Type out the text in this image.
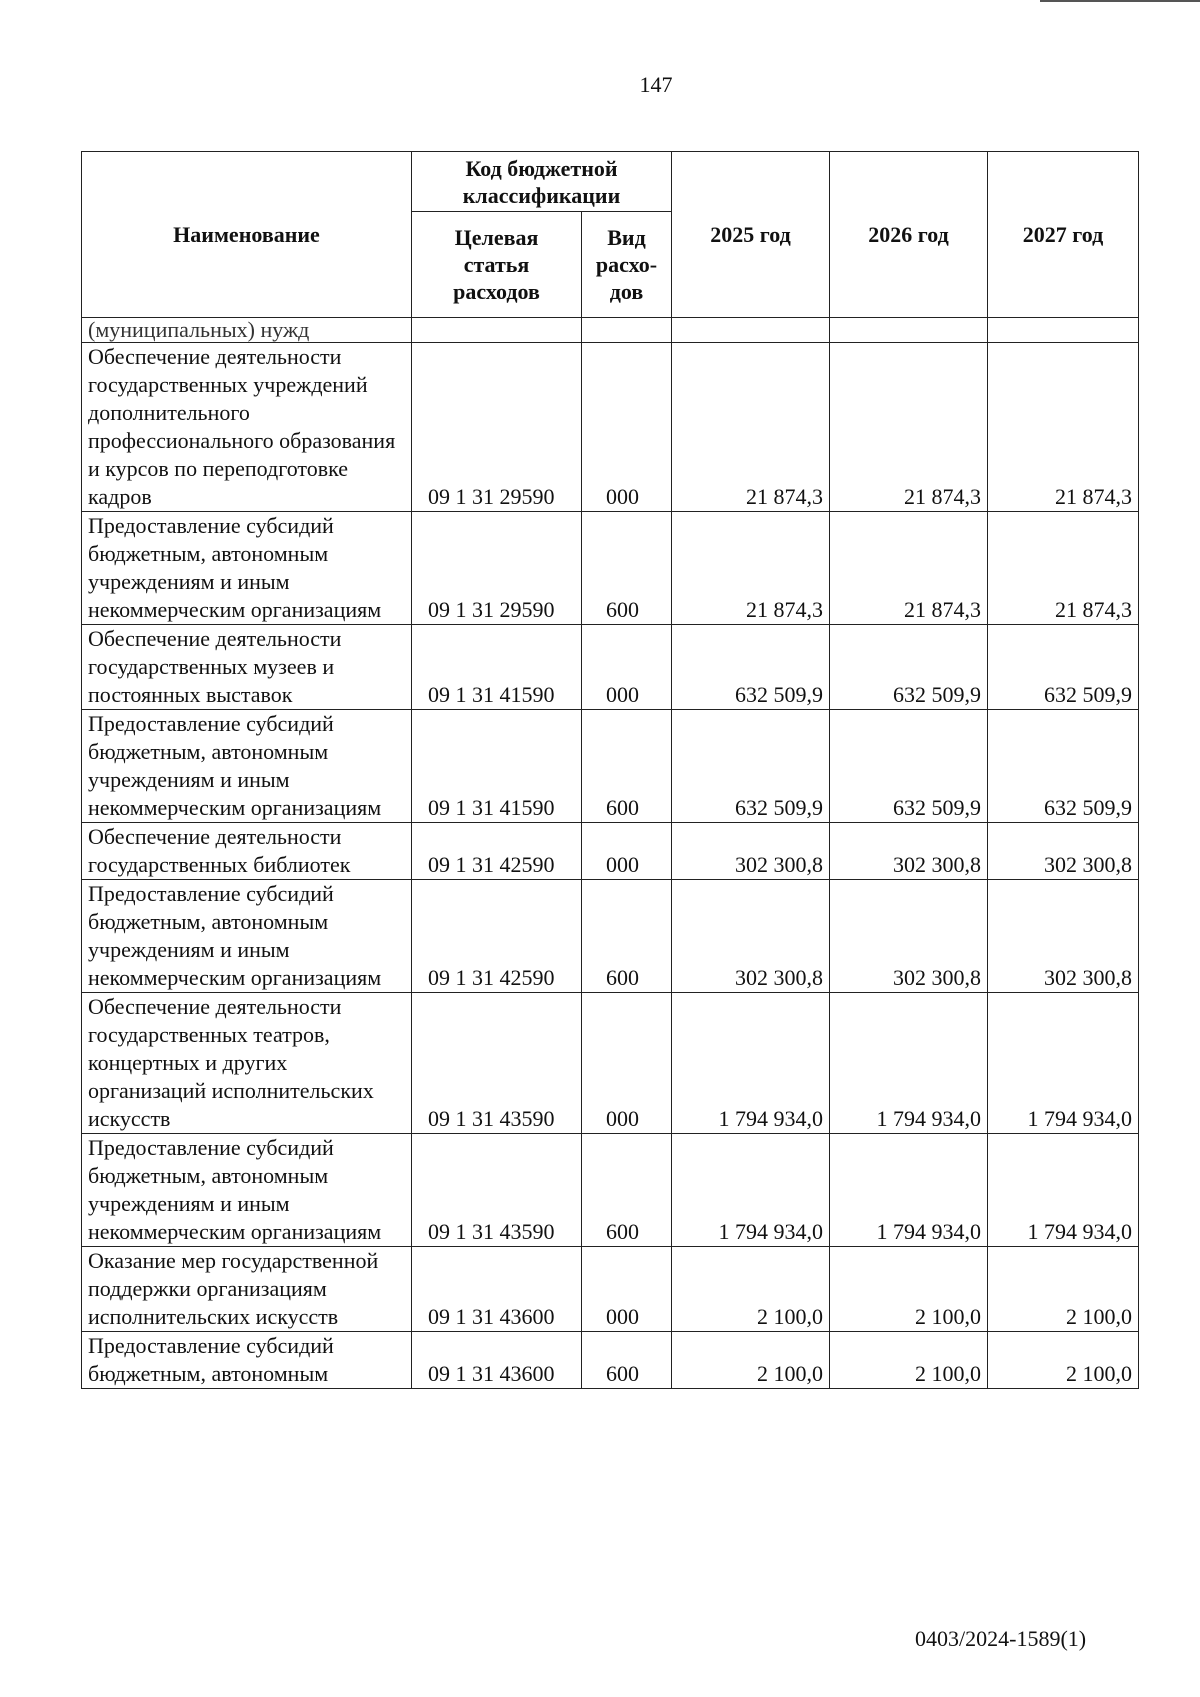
147
Наименование	Код бюджетной классификации		2025 год	2026 год	2027 год
	Целевая статья расходов	Вид расхо-дов			
(муниципальных) нужд					
Обеспечение деятельности государственных учреждений дополнительного профессионального образования и курсов по переподготовке кадров	09 1 31 29590	000	21 874,3	21 874,3	21 874,3
Предоставление субсидий бюджетным, автономным учреждениям и иным некоммерческим организациям	09 1 31 29590	600	21 874,3	21 874,3	21 874,3
Обеспечение деятельности государственных музеев и постоянных выставок	09 1 31 41590	000	632 509,9	632 509,9	632 509,9
Предоставление субсидий бюджетным, автономным учреждениям и иным некоммерческим организациям	09 1 31 41590	600	632 509,9	632 509,9	632 509,9
Обеспечение деятельности государственных библиотек	09 1 31 42590	000	302 300,8	302 300,8	302 300,8
Предоставление субсидий бюджетным, автономным учреждениям и иным некоммерческим организациям	09 1 31 42590	600	302 300,8	302 300,8	302 300,8
Обеспечение деятельности государственных театров, концертных и других организаций исполнительских искусств	09 1 31 43590	000	1 794 934,0	1 794 934,0	1 794 934,0
Предоставление субсидий бюджетным, автономным учреждениям и иным некоммерческим организациям	09 1 31 43590	600	1 794 934,0	1 794 934,0	1 794 934,0
Оказание мер государственной поддержки организациям исполнительских искусств	09 1 31 43600	000	2 100,0	2 100,0	2 100,0
Предоставление субсидий бюджетным, автономным	09 1 31 43600	600	2 100,0	2 100,0	2 100,0
0403/2024-1589(1)
